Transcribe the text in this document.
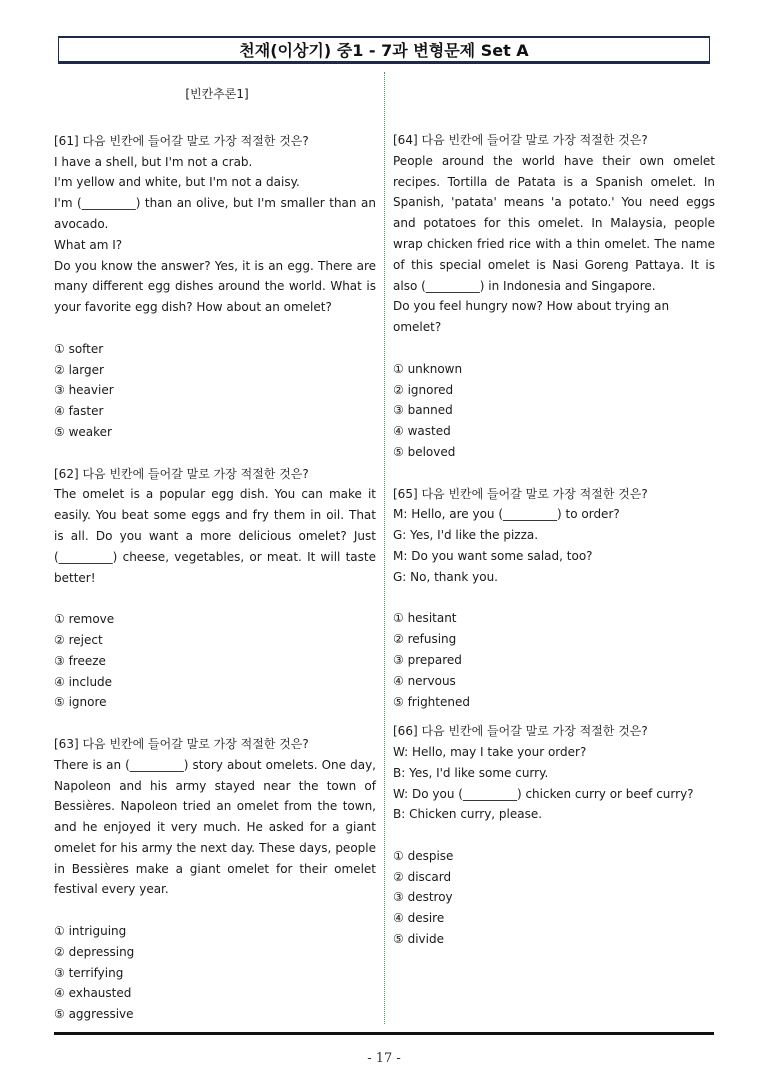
천재(이상기) 중1 - 7과 변형문제 Set A
[빈칸추론1]
[61] 다음 빈칸에 들어갈 말로 가장 적절한 것은?

I have a shell, but I'm not a crab.

I'm yellow and white, but I'm not a daisy.

I'm (_________) than an olive, but I'm smaller than an avocado.

What am I?

Do you know the answer? Yes, it is an egg. There are many different egg dishes around the world. What is your favorite egg dish? How about an omelet?

① softer
② larger
③ heavier
④ faster
⑤ weaker
[62] 다음 빈칸에 들어갈 말로 가장 적절한 것은?

The omelet is a popular egg dish. You can make it easily. You beat some eggs and fry them in oil. That is all. Do you want a more delicious omelet? Just (_________) cheese, vegetables, or meat. It will taste better!

① remove
② reject
③ freeze
④ include
⑤ ignore
[63] 다음 빈칸에 들어갈 말로 가장 적절한 것은?

There is an (_________) story about omelets. One day, Napoleon and his army stayed near the town of Bessières. Napoleon tried an omelet from the town, and he enjoyed it very much. He asked for a giant omelet for his army the next day. These days, people in Bessières make a giant omelet for their omelet festival every year.

① intriguing
② depressing
③ terrifying
④ exhausted
⑤ aggressive
[64] 다음 빈칸에 들어갈 말로 가장 적절한 것은?

People around the world have their own omelet recipes. Tortilla de Patata is a Spanish omelet. In Spanish, 'patata' means 'a potato.' You need eggs and potatoes for this omelet. In Malaysia, people wrap chicken fried rice with a thin omelet. The name of this special omelet is Nasi Goreng Pattaya. It is also (_________) in Indonesia and Singapore.

Do you feel hungry now? How about trying an omelet?

① unknown
② ignored
③ banned
④ wasted
⑤ beloved
[65] 다음 빈칸에 들어갈 말로 가장 적절한 것은?

M: Hello, are you (_________) to order?

G: Yes, I'd like the pizza.

M: Do you want some salad, too?

G: No, thank you.

① hesitant
② refusing
③ prepared
④ nervous
⑤ frightened
[66] 다음 빈칸에 들어갈 말로 가장 적절한 것은?

W: Hello, may I take your order?

B: Yes, I'd like some curry.

W: Do you (_________) chicken curry or beef curry?

B: Chicken curry, please.

① despise
② discard
③ destroy
④ desire
⑤ divide
- 17 -
